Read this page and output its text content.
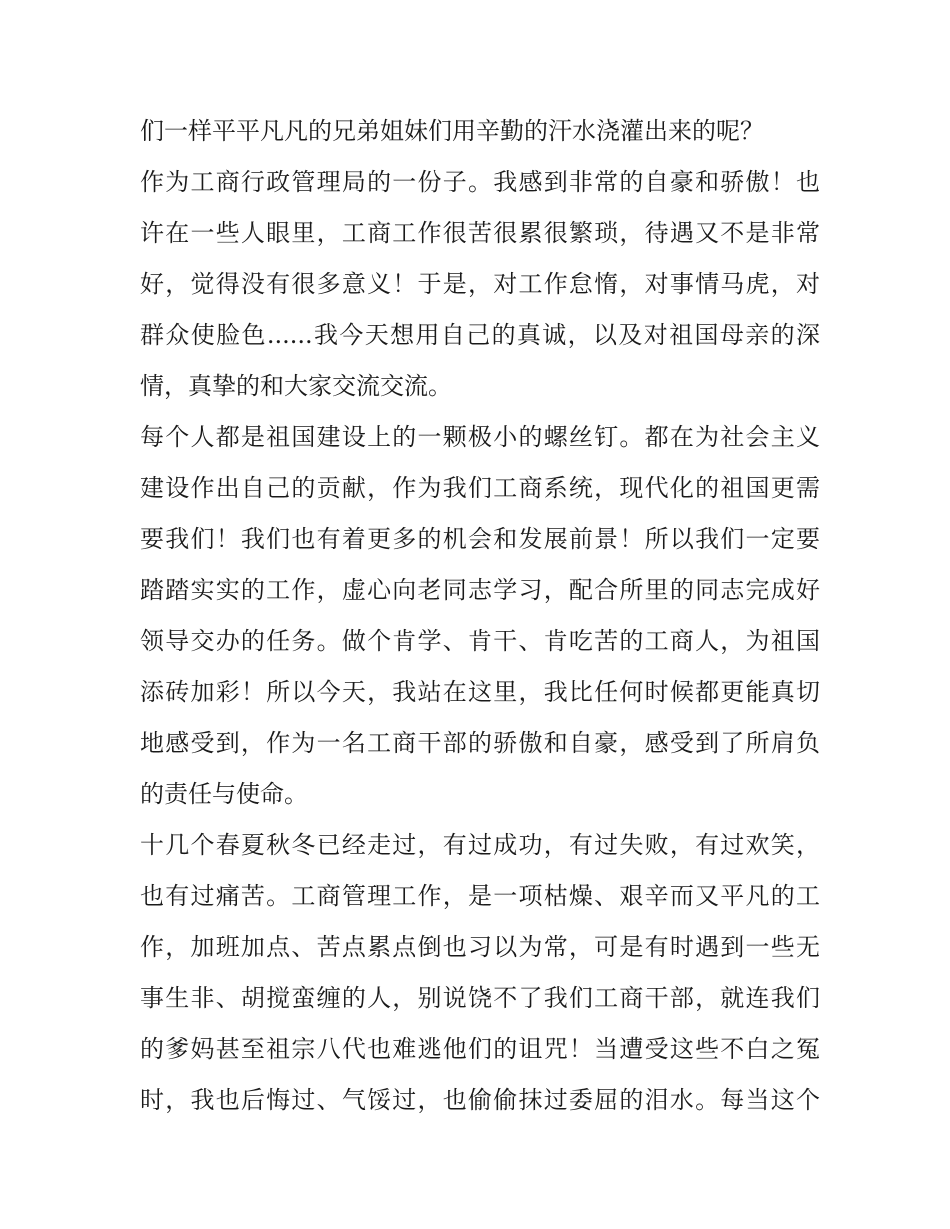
们一样平平凡凡的兄弟姐妹们用辛勤的汗水浇灌出来的呢？
作为工商行政管理局的一份子。我感到非常的自豪和骄傲！也
许在一些人眼里，工商工作很苦很累很繁琐，待遇又不是非常
好，觉得没有很多意义！于是，对工作怠惰，对事情马虎，对
群众使脸色......我今天想用自己的真诚，以及对祖国母亲的深
情，真挚的和大家交流交流。
每个人都是祖国建设上的一颗极小的螺丝钉。都在为社会主义
建设作出自己的贡献，作为我们工商系统，现代化的祖国更需
要我们！我们也有着更多的机会和发展前景！所以我们一定要
踏踏实实的工作，虚心向老同志学习，配合所里的同志完成好
领导交办的任务。做个肯学、肯干、肯吃苦的工商人，为祖国
添砖加彩！所以今天，我站在这里，我比任何时候都更能真切
地感受到，作为一名工商干部的骄傲和自豪，感受到了所肩负
的责任与使命。
十几个春夏秋冬已经走过，有过成功，有过失败，有过欢笑，
也有过痛苦。工商管理工作，是一项枯燥、艰辛而又平凡的工
作，加班加点、苦点累点倒也习以为常，可是有时遇到一些无
事生非、胡搅蛮缠的人，别说饶不了我们工商干部，就连我们
的爹妈甚至祖宗八代也难逃他们的诅咒！当遭受这些不白之冤
时，我也后悔过、气馁过，也偷偷抹过委屈的泪水。每当这个
